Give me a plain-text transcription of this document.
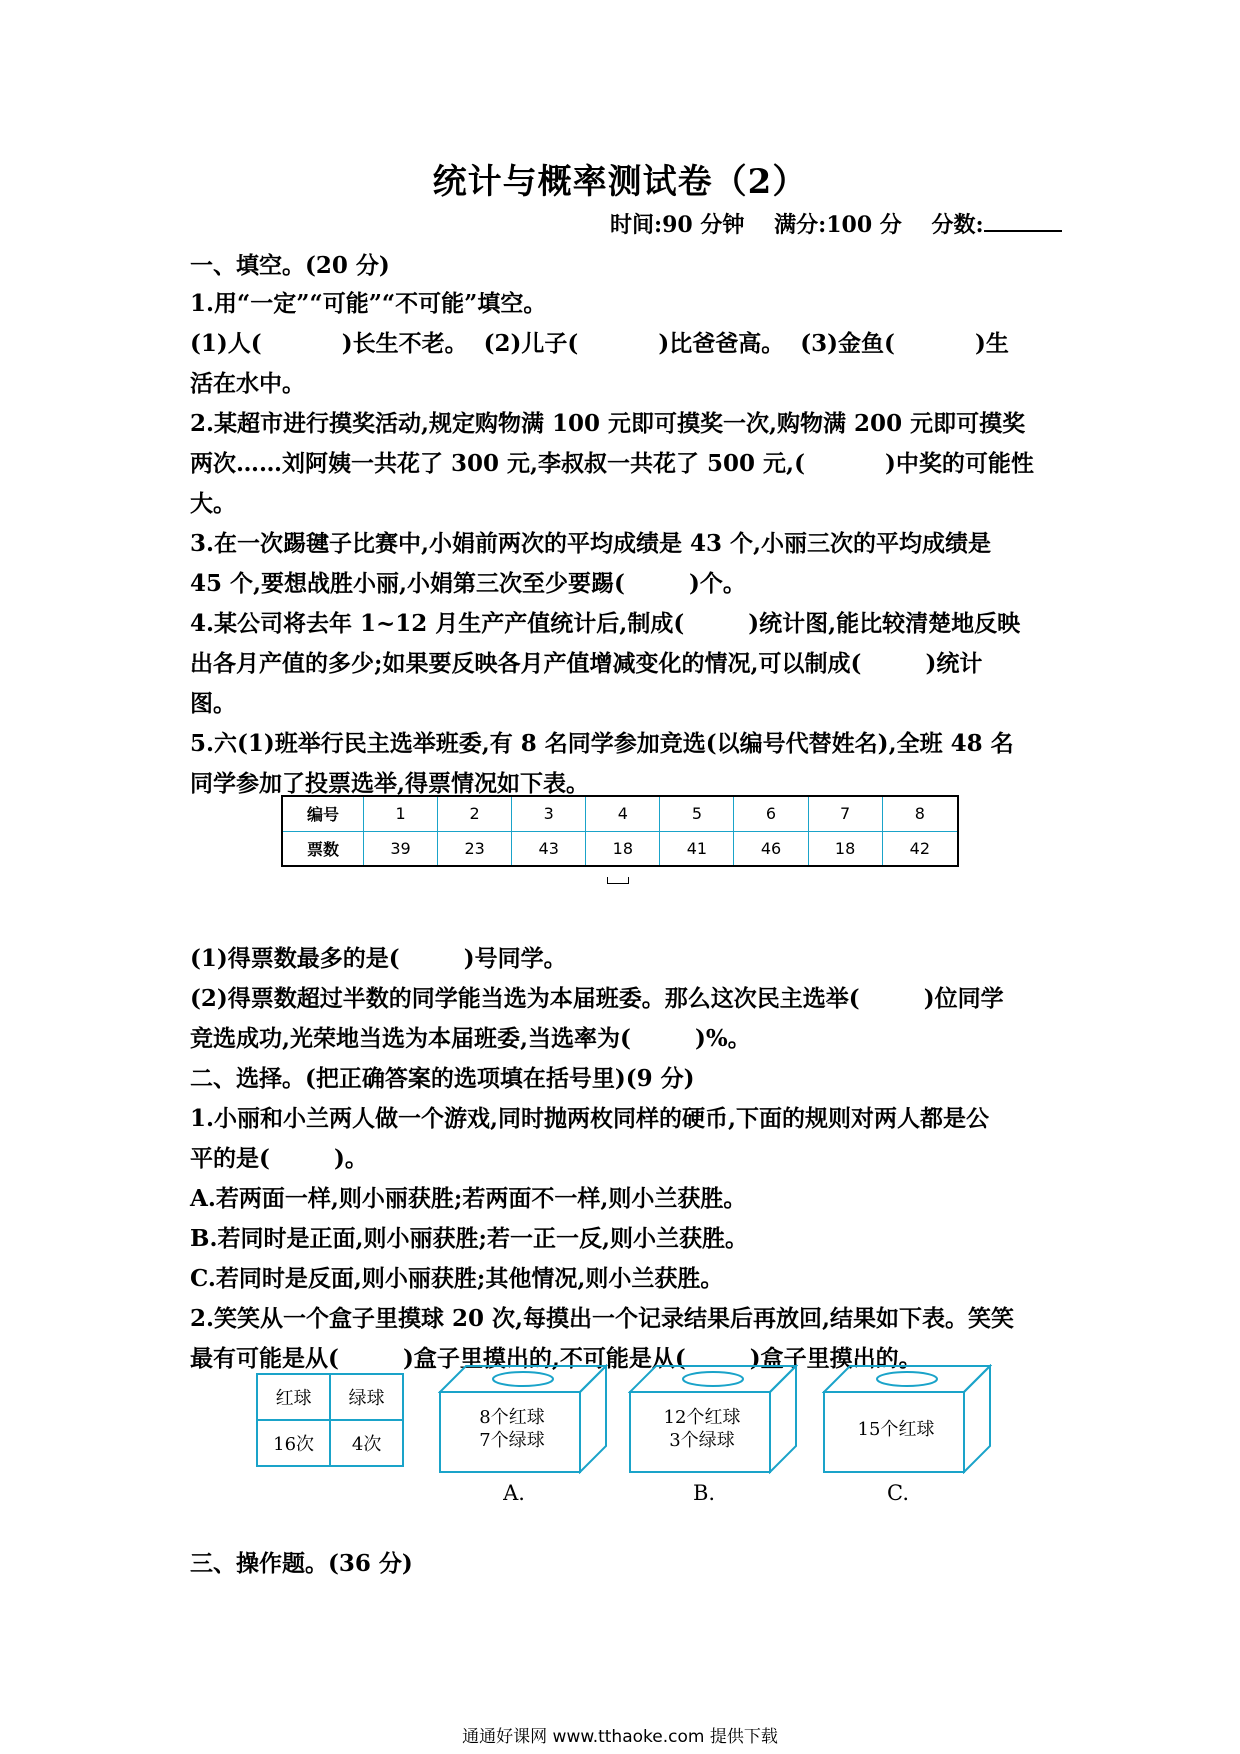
统计与概率测试卷（2）
时间:90 分钟 满分:100 分 分数:
一、填空。(20 分)
1.用“一定”“可能”“不可能”填空。
(1)人(          )长生不老。  (2)儿子(          )比爸爸高。  (3)金鱼(          )生
活在水中。
2.某超市进行摸奖活动,规定购物满 100 元即可摸奖一次,购物满 200 元即可摸奖
两次……刘阿姨一共花了 300 元,李叔叔一共花了 500 元,(          )中奖的可能性
大。
3.在一次踢毽子比赛中,小娟前两次的平均成绩是 43 个,小丽三次的平均成绩是
45 个,要想战胜小丽,小娟第三次至少要踢(        )个。
4.某公司将去年 1~12 月生产产值统计后,制成(        )统计图,能比较清楚地反映
出各月产值的多少;如果要反映各月产值增减变化的情况,可以制成(        )统计
图。
5.六(1)班举行民主选举班委,有 8 名同学参加竞选(以编号代替姓名),全班 48 名
同学参加了投票选举,得票情况如下表。
编号	1	2	3	4	5	6	7	8
票数	39	23	43	18	41	46	18	42
(1)得票数最多的是(        )号同学。
(2)得票数超过半数的同学能当选为本届班委。那么这次民主选举(        )位同学
竞选成功,光荣地当选为本届班委,当选率为(        )%。
二、选择。(把正确答案的选项填在括号里)(9 分)
1.小丽和小兰两人做一个游戏,同时抛两枚同样的硬币,下面的规则对两人都是公
平的是(        )。
A.若两面一样,则小丽获胜;若两面不一样,则小兰获胜。
B.若同时是正面,则小丽获胜;若一正一反,则小兰获胜。
C.若同时是反面,则小丽获胜;其他情况,则小兰获胜。
2.笑笑从一个盒子里摸球 20 次,每摸出一个记录结果后再放回,结果如下表。笑笑
最有可能是从(        )盒子里摸出的,不可能是从(        )盒子里摸出的。
红球	绿球
16次	4次
8个红球
7个绿球
A.
12个红球
3个绿球
B.
15个红球
C.
三、操作题。(36 分)
通通好课网 www.tthaoke.com 提供下载
